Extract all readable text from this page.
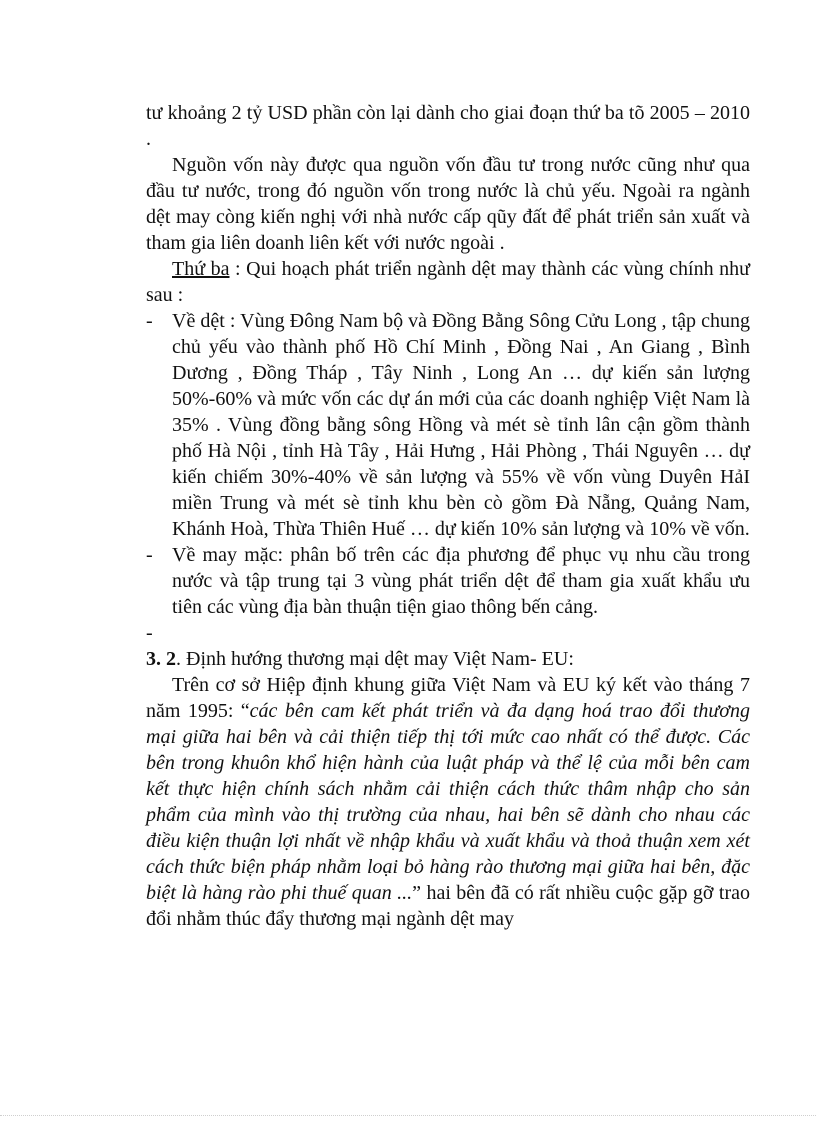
tư khoảng 2 tỷ USD phần còn lại dành cho giai đoạn thứ ba tõ 2005 – 2010 .

Nguồn vốn này được qua nguồn vốn đầu tư trong nước cũng như qua đầu tư nước, trong đó nguồn vốn trong nước là chủ yếu. Ngoài ra ngành dệt may còng kiến nghị với nhà nước cấp qũy đất để phát triển sản xuất và tham gia liên doanh liên kết với nước ngoài .

Thứ ba : Qui hoạch phát triển ngành dệt may thành các vùng chính như sau :

- Về dệt : Vùng Đông Nam bộ và Đồng Bằng Sông Cửu Long , tập chung chủ yếu vào thành phố Hồ Chí Minh , Đồng Nai , An Giang , Bình Dương , Đồng Tháp , Tây Ninh , Long An … dự kiến sản lượng 50%-60% và mức vốn các dự án mới của các doanh nghiệp Việt Nam là 35% . Vùng đồng bằng sông Hồng và mét sè tỉnh lân cận gồm thành phố Hà Nội , tỉnh Hà Tây , Hải Hưng , Hải Phòng , Thái Nguyên … dự kiến chiếm 30%-40% về sản lượng và 55% về vốn vùng Duyên HảI miền Trung và mét sè tỉnh khu bèn cò gồm Đà Nẵng, Quảng Nam, Khánh Hoà, Thừa Thiên Huế … dự kiến 10% sản lượng và 10% về vốn.
- Về may mặc: phân bố trên các địa phương để phục vụ nhu cầu trong nước và tập trung tại 3 vùng phát triển dệt để tham gia xuất khẩu ưu tiên các vùng địa bàn thuận tiện giao thông bến cảng.
-

3. 2. Định hướng thương mại dệt may Việt Nam- EU:

Trên cơ sở Hiệp định khung giữa Việt Nam và EU ký kết vào tháng 7 năm 1995: “các bên cam kết phát triển và đa dạng hoá trao đổi thương mại giữa hai bên và cải thiện tiếp thị tới mức cao nhất có thể được. Các bên trong khuôn khổ hiện hành của luật pháp và thể lệ của mỗi bên cam kết thực hiện chính sách nhằm cải thiện cách thức thâm nhập cho sản phẩm của mình vào thị trường của nhau, hai bên sẽ dành cho nhau các điều kiện thuận lợi nhất về nhập khẩu và xuất khẩu và thoả thuận xem xét cách thức biện pháp nhằm loại bỏ hàng rào thương mại giữa hai bên, đặc biệt là hàng rào phi thuế quan ...” hai bên đã có rất nhiều cuộc gặp gỡ trao đổi nhằm thúc đẩy thương mại ngành dệt may
